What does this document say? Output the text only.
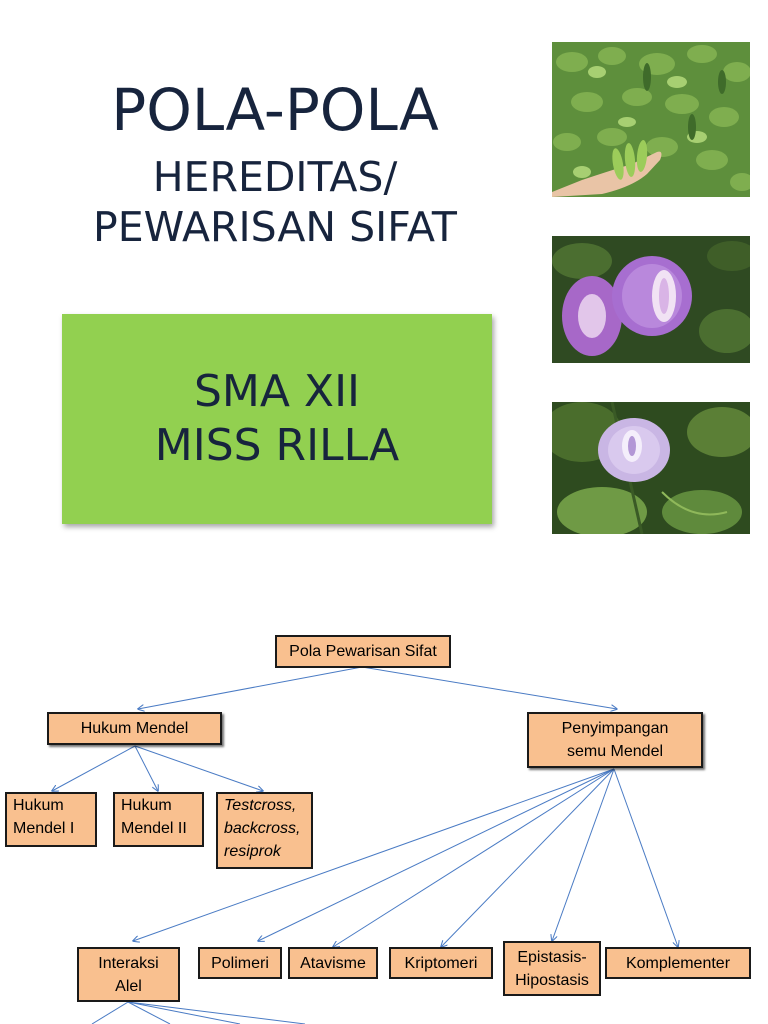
POLA-POLA
HEREDITAS/
PEWARISAN SIFAT
SMA XII
MISS RILLA
Pola Pewarisan Sifat
Hukum Mendel	Penyimpangan
semu Mendel
Hukum
Mendel I
Hukum
Mendel II
Testcross,
backcross,
resiprok
Interaksi
Alel
Polimeri	Atavisme	Kriptomeri	Epistasis-
Hipostasis
Komplementer
